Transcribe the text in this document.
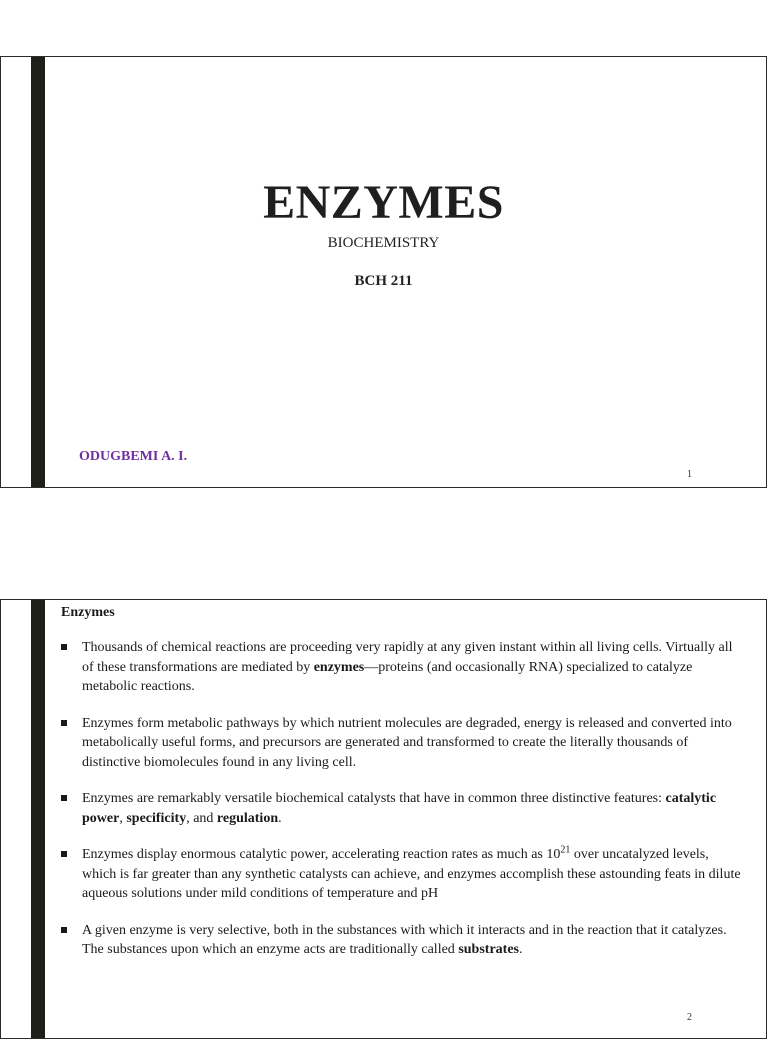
ENZYMES
BIOCHEMISTRY
BCH 211
ODUGBEMI A. I.
1
Enzymes
Thousands of chemical reactions are proceeding very rapidly at any given instant within all living cells. Virtually all of these transformations are mediated by enzymes—proteins (and occasionally RNA) specialized to catalyze metabolic reactions.
Enzymes form metabolic pathways by which nutrient molecules are degraded, energy is released and converted into metabolically useful forms, and precursors are generated and transformed to create the literally thousands of distinctive biomolecules found in any living cell.
Enzymes are remarkably versatile biochemical catalysts that have in common three distinctive features: catalytic power, specificity, and regulation.
Enzymes display enormous catalytic power, accelerating reaction rates as much as $10^{21}$ over uncatalyzed levels, which is far greater than any synthetic catalysts can achieve, and enzymes accomplish these astounding feats in dilute aqueous solutions under mild conditions of temperature and pH
A given enzyme is very selective, both in the substances with which it interacts and in the reaction that it catalyzes. The substances upon which an enzyme acts are traditionally called substrates.
2
